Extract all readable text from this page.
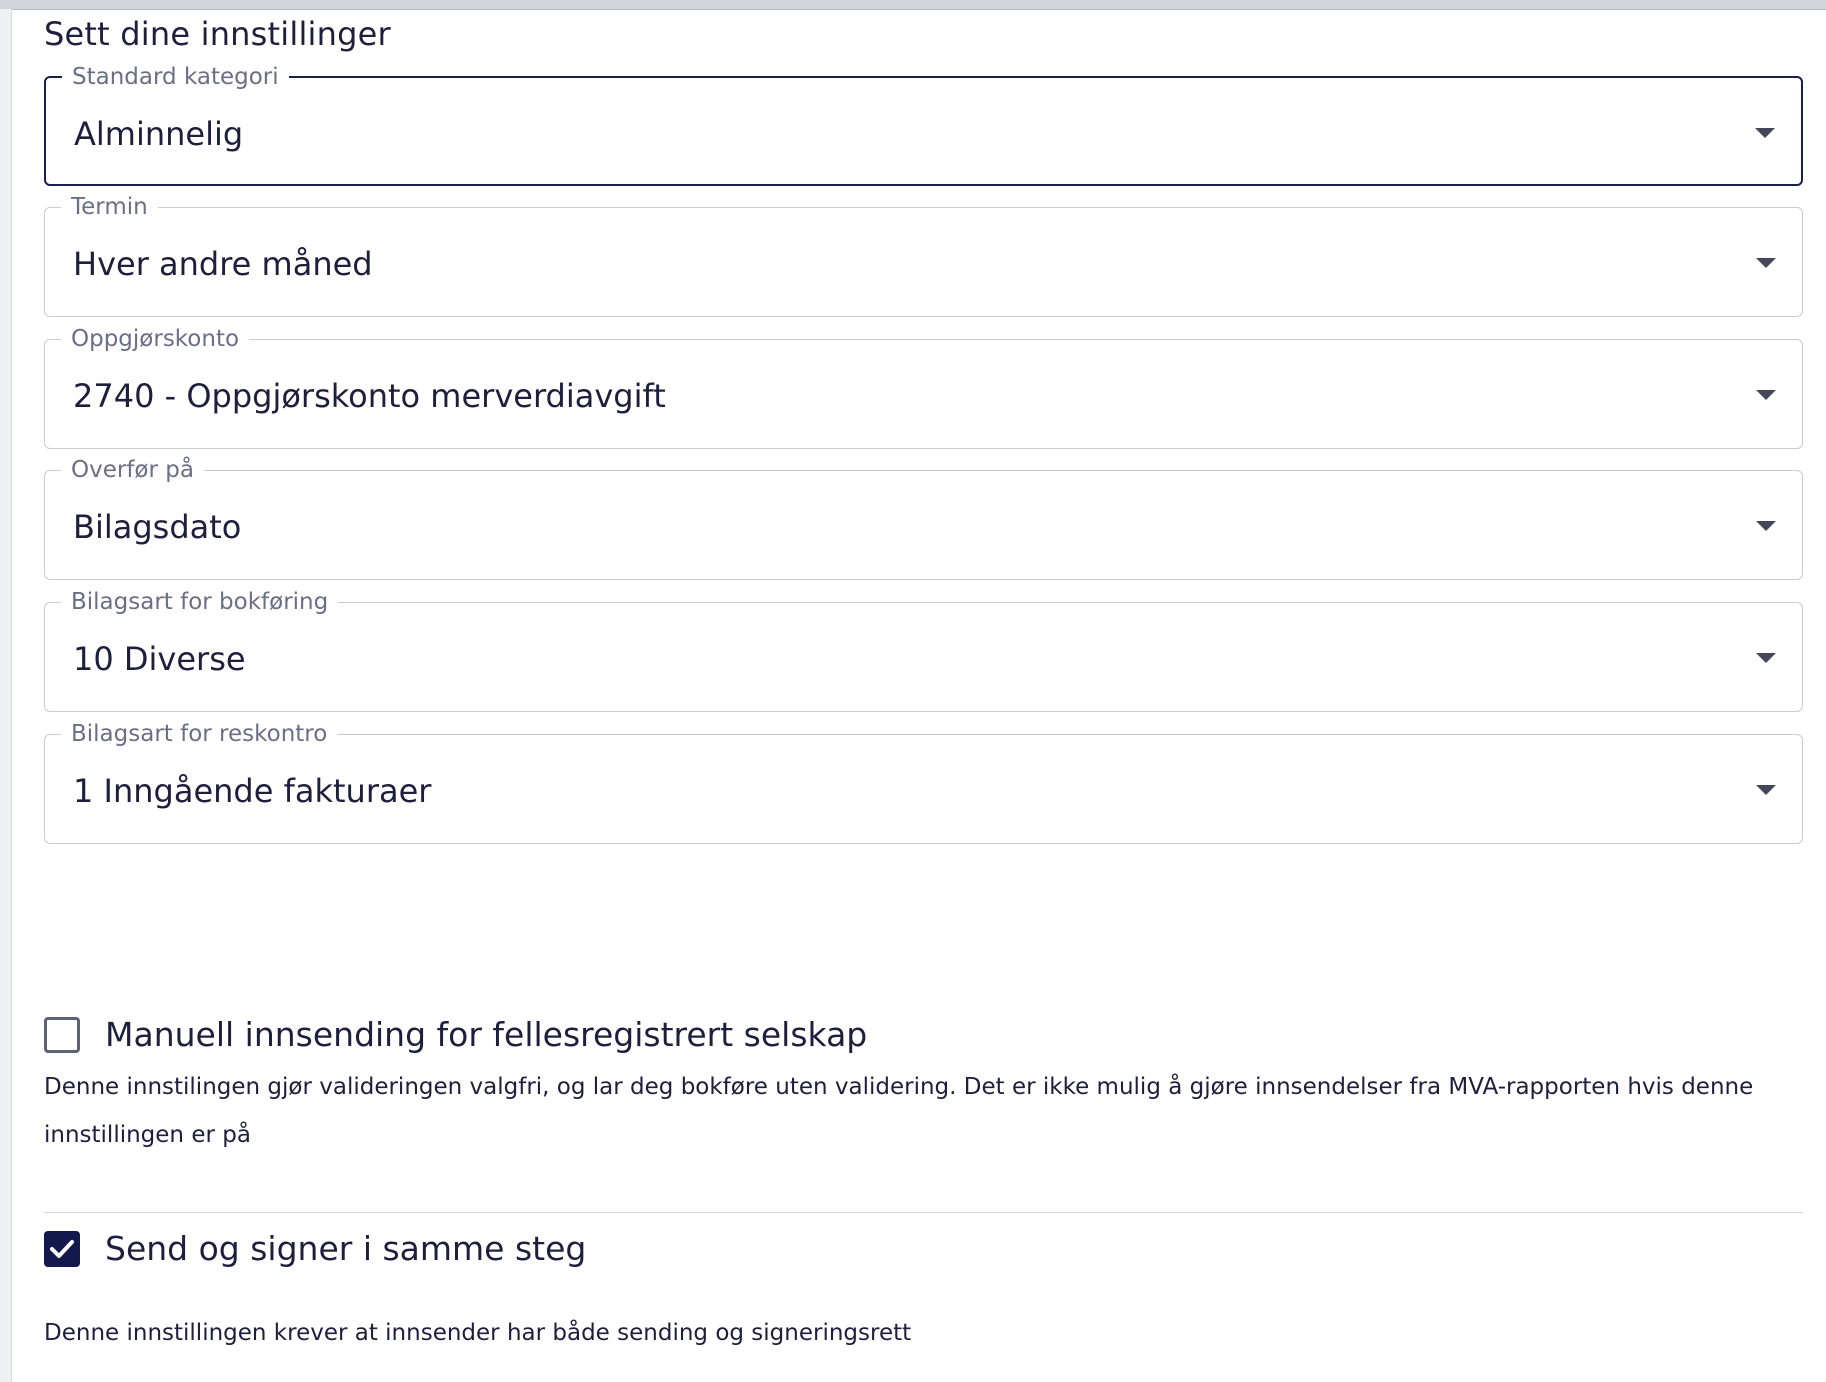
Sett dine innstillinger
Standard kategori
Alminnelig
Termin
Hver andre måned
Oppgjørskonto
2740 - Oppgjørskonto merverdiavgift
Overfør på
Bilagsdato
Bilagsart for bokføring
10 Diverse
Bilagsart for reskontro
1 Inngående fakturaer
Manuell innsending for fellesregistrert selskap

Denne innstilingen gjør valideringen valgfri, og lar deg bokføre uten validering. Det er ikke mulig å gjøre innsendelser fra MVA-rapporten hvis denne innstillingen er på

Send og signer i samme steg

Denne innstillingen krever at innsender har både sending og signeringsrett
